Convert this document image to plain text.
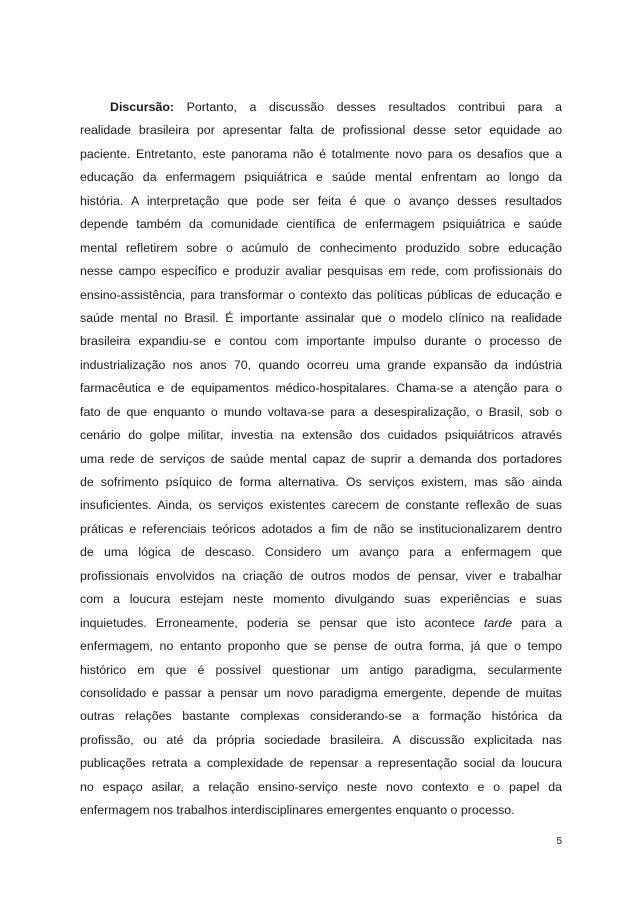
Discursão: Portanto, a discussão desses resultados contribui para a
realidade brasileira por apresentar falta de profissional desse setor equidade ao
paciente. Entretanto, este panorama não é totalmente novo para os desafios que a
educação da enfermagem psiquiátrica e saúde mental enfrentam ao longo da
história. A interpretação que pode ser feita é que o avanço desses resultados
depende também da comunidade científica de enfermagem psiquiátrica e saúde
mental refletirem sobre o acúmulo de conhecimento produzido sobre educação
nesse campo específico e produzir avaliar pesquisas em rede, com profissionais do
ensino-assistência, para transformar o contexto das políticas públicas de educação e
saúde mental no Brasil. É importante assinalar que o modelo clínico na realidade
brasileira expandiu-se e contou com importante impulso durante o processo de
industrialização nos anos 70, quando ocorreu uma grande expansão da indústria
farmacêutica e de equipamentos médico-hospitalares. Chama-se a atenção para o
fato de que enquanto o mundo voltava-se para a desespiralização, o Brasil, sob o
cenário do golpe militar, investia na extensão dos cuidados psiquiátricos através
uma rede de serviços de saúde mental capaz de suprir a demanda dos portadores
de sofrimento psíquico de forma alternativa. Os serviços existem, mas são ainda
insuficientes. Ainda, os serviços existentes carecem de constante reflexão de suas
práticas e referenciais teóricos adotados a fim de não se institucionalizarem dentro
de uma lógica de descaso. Considero um avanço para a enfermagem que
profissionais envolvidos na criação de outros modos de pensar, viver e trabalhar
com a loucura estejam neste momento divulgando suas experiências e suas
inquietudes. Erroneamente, poderia se pensar que isto acontece tarde para a
enfermagem, no entanto proponho que se pense de outra forma, já que o tempo
histórico em que é possível questionar um antigo paradigma, secularmente
consolidado e passar a pensar um novo paradigma emergente, depende de muitas
outras relações bastante complexas considerando-se a formação histórica da
profissão, ou até da própria sociedade brasileira. A discussão explicitada nas
publicações retrata a complexidade de repensar a representação social da loucura
no espaço asilar, a relação ensino-serviço neste novo contexto e o papel da
enfermagem nos trabalhos interdisciplinares emergentes enquanto o processo.
5
